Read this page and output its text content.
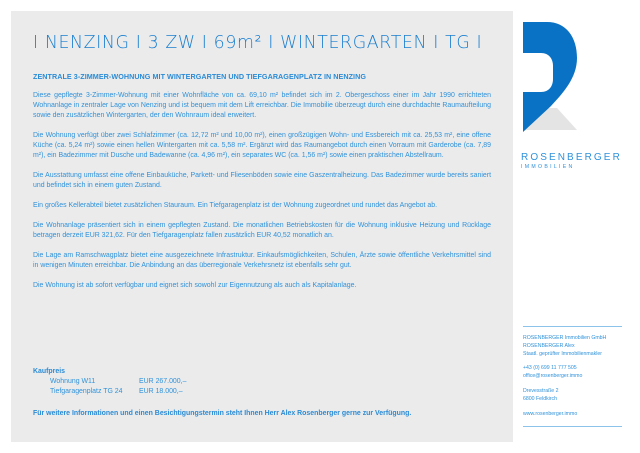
I NENZING I 3 ZW I 69m² I WINTERGARTEN I TG I
ZENTRALE 3-ZIMMER-WOHNUNG MIT WINTERGARTEN UND TIEFGARAGENPLATZ IN NENZING

Diese gepflegte 3-Zimmer-Wohnung mit einer Wohnfläche von ca. 69,10 m² befindet sich im 2. Obergeschoss einer im Jahr 1990 errichteten Wohnanlage in zentraler Lage von Nenzing und ist bequem mit dem Lift erreichbar. Die Immobilie überzeugt durch eine durchdachte Raumaufteilung sowie den zusätzlichen Wintergarten, der den Wohnraum ideal erweitert.

Die Wohnung verfügt über zwei Schlafzimmer (ca. 12,72 m² und 10,00 m²), einen großzügigen Wohn- und Essbereich mit ca. 25,53 m², eine offene Küche (ca. 5,24 m²) sowie einen hellen Wintergarten mit ca. 5,58 m². Ergänzt wird das Raumangebot durch einen Vorraum mit Garderobe (ca. 7,89 m²), ein Badezimmer mit Dusche und Badewanne (ca. 4,96 m²), ein separates WC (ca. 1,56 m²) sowie einen praktischen Abstellraum.

Die Ausstattung umfasst eine offene Einbauküche, Parkett- und Fliesenböden sowie eine Gaszentralheizung. Das Badezimmer wurde bereits saniert und befindet sich in einem guten Zustand.

Ein großes Kellerabteil bietet zusätzlichen Stauraum. Ein Tiefgaragenplatz ist der Wohnung zugeordnet und rundet das Angebot ab.

Die Wohnanlage präsentiert sich in einem gepflegten Zustand. Die monatlichen Betriebskosten für die Wohnung inklusive Heizung und Rücklage betragen derzeit EUR 321,62. Für den Tiefgaragenplatz fallen zusätzlich EUR 40,52 monatlich an.

Die Lage am Ramschwagplatz bietet eine ausgezeichnete Infrastruktur. Einkaufsmöglichkeiten, Schulen, Ärzte sowie öffentliche Verkehrsmittel sind in wenigen Minuten erreichbar. Die Anbindung an das überregionale Verkehrsnetz ist ebenfalls sehr gut.

Die Wohnung ist ab sofort verfügbar und eignet sich sowohl zur Eigennutzung als auch als Kapitalanlage.

Kaufpreis
Wohnung W11	EUR 267.000,–
Tiefgaragenplatz TG 24	EUR 18.000,–
Für weitere Informationen und einen Besichtigungstermin steht Ihnen Herr Alex Rosenberger gerne zur Verfügung.
ROSENBERGER
IMMOBILIEN
ROSENBERGER Immobilien GmbH
ROSENBERGER Alex
Staatl. geprüfter Immobilienmakler
+43 (0) 699 11 777 505
office@rosenberger.immo
Drevesstraße 2
6800 Feldkirch
www.rosenberger.immo
